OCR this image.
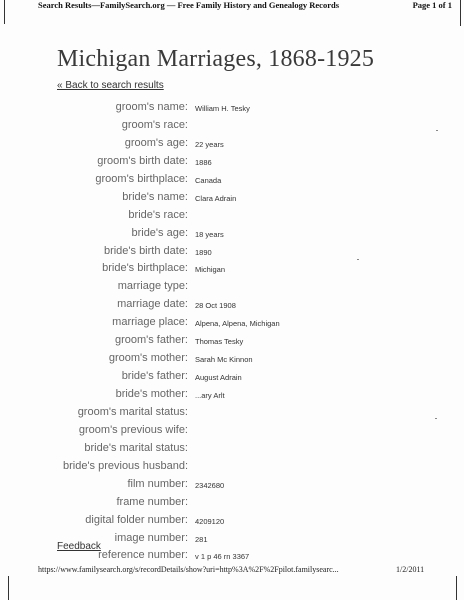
Search Results—FamilySearch.org — Free Family History and Genealogy Records	Page 1 of 1
Michigan Marriages, 1868-1925
« Back to search results
groom's name: William H. Tesky
groom's race:
groom's age: 22 years
groom's birth date: 1886
groom's birthplace: Canada
bride's name: Clara Adrain
bride's race:
bride's age: 18 years
bride's birth date: 1890
bride's birthplace: Michigan
marriage type:
marriage date: 28 Oct 1908
marriage place: Alpena, Alpena, Michigan
groom's father: Thomas Tesky
groom's mother: Sarah Mc Kinnon
bride's father: August Adrain
bride's mother: ...ary Arlt
groom's marital status:
groom's previous wife:
bride's marital status:
bride's previous husband:
film number: 2342680
frame number:
digital folder number: 4209120
image number: 281
reference number: v 1 p 46 rn 3367
Feedback
https://www.familysearch.org/s/recordDetails/show?uri=http%3A%2F%2Fpilot.familysearc...	1/2/2011
